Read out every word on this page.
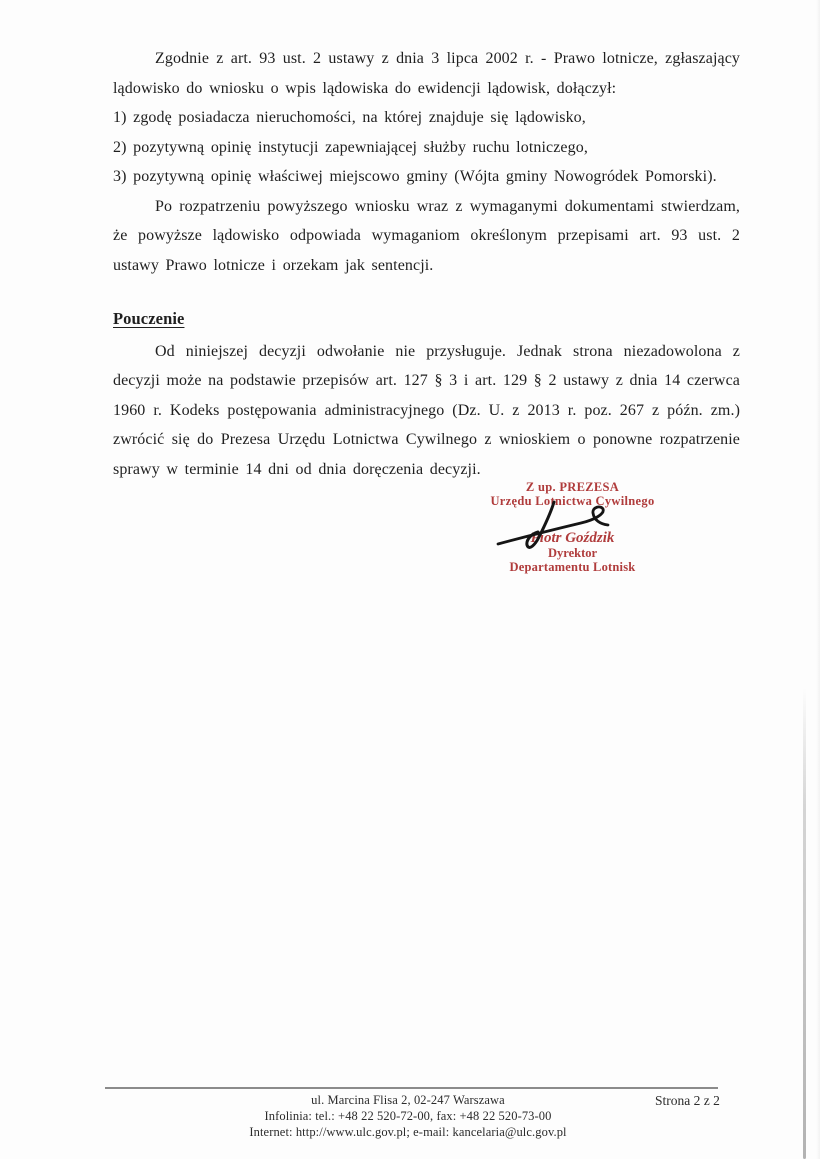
Zgodnie z art. 93 ust. 2 ustawy z dnia 3 lipca 2002 r. - Prawo lotnicze, zgłaszający lądowisko do wniosku o wpis lądowiska do ewidencji lądowisk, dołączył:

1) zgodę posiadacza nieruchomości, na której znajduje się lądowisko,

2) pozytywną opinię instytucji zapewniającej służby ruchu lotniczego,

3) pozytywną opinię właściwej miejscowo gminy (Wójta gminy Nowogródek Pomorski).

Po rozpatrzeniu powyższego wniosku wraz z wymaganymi dokumentami stwierdzam, że powyższe lądowisko odpowiada wymaganiom określonym przepisami art. 93 ust. 2 ustawy Prawo lotnicze i orzekam jak sentencji.

Pouczenie

Od niniejszej decyzji odwołanie nie przysługuje. Jednak strona niezadowolona z decyzji może na podstawie przepisów art. 127 § 3 i art. 129 § 2 ustawy z dnia 14 czerwca 1960 r. Kodeks postępowania administracyjnego (Dz. U. z 2013 r. poz. 267 z późn. zm.) zwrócić się do Prezesa Urzędu Lotnictwa Cywilnego z wnioskiem o ponowne rozpatrzenie sprawy w terminie 14 dni od dnia doręczenia decyzji.

Z up. PREZESA
Urzędu Lotnictwa Cywilnego
Piotr Goździk
Dyrektor
Departamentu Lotnisk
ul. Marcina Flisa 2, 02-247 Warszawa
Infolinia: tel.: +48 22 520-72-00, fax: +48 22 520-73-00
Internet: http://www.ulc.gov.pl; e-mail: kancelaria@ulc.gov.pl
Strona 2 z 2
